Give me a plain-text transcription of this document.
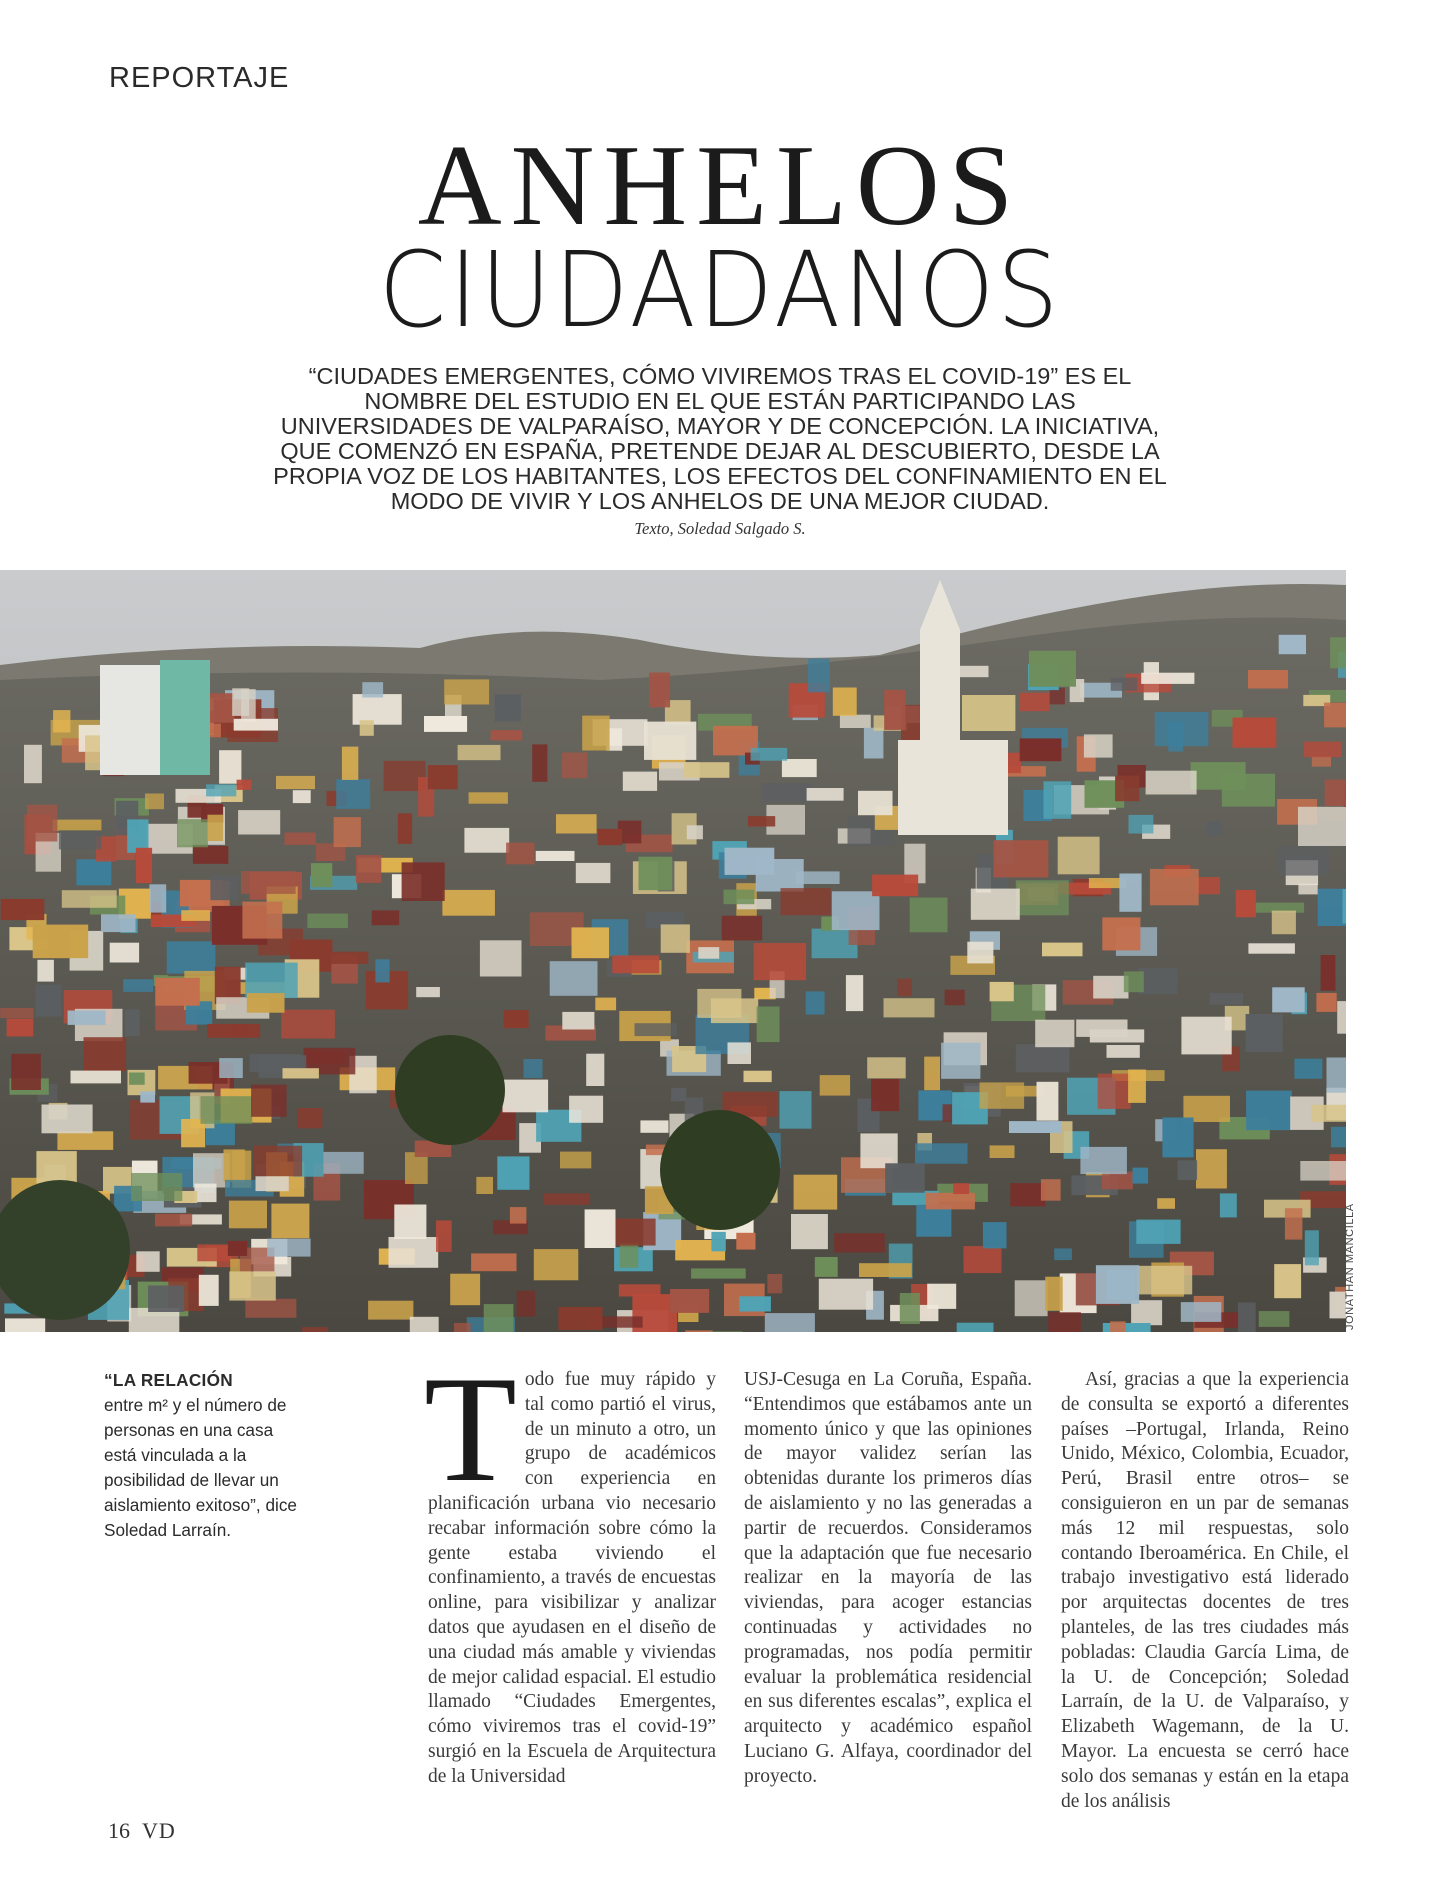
REPORTAJE
ANHELOS
CIUDADANOS
“CIUDADES EMERGENTES, CÓMO VIVIREMOS TRAS EL COVID-19” ES EL NOMBRE DEL ESTUDIO EN EL QUE ESTÁN PARTICIPANDO LAS UNIVERSIDADES DE VALPARAÍSO, MAYOR Y DE CONCEPCIÓN. LA INICIATIVA, QUE COMENZÓ EN ESPAÑA, PRETENDE DEJAR AL DESCUBIERTO, DESDE LA PROPIA VOZ DE LOS HABITANTES, LOS EFECTOS DEL CONFINAMIENTO EN EL MODO DE VIVIR Y LOS ANHELOS DE UNA MEJOR CIUDAD.
Texto, Soledad Salgado S.
JONATHAN MANCILLA
“LA RELACIÓN
entre m² y el número de personas en una casa está vinculada a la posibilidad de llevar un aislamiento exitoso”, dice Soledad Larraín.
T odo fue muy rápido y tal como partió el virus, de un minuto a otro, un grupo de académicos con experiencia en planificación urbana vio necesario recabar información sobre cómo la gente estaba viviendo el confinamiento, a través de encuestas online, para visibilizar y analizar datos que ayudasen en el diseño de una ciudad más amable y viviendas de mejor calidad espacial. El estudio llamado “Ciudades Emergentes, cómo viviremos tras el covid-19” surgió en la Escuela de Arquitectura de la Universidad

USJ-Cesuga en La Coruña, España. “Entendimos que estábamos ante un momento único y que las opiniones de mayor validez serían las obtenidas durante los primeros días de aislamiento y no las generadas a partir de recuerdos. Consideramos que la adaptación que fue necesario realizar en la mayoría de las viviendas, para acoger estancias continuadas y actividades no programadas, nos podía permitir evaluar la problemática residencial en sus diferentes escalas”, explica el arquitecto y académico español Luciano G. Alfaya, coordinador del proyecto.

Así, gracias a que la experiencia de consulta se exportó a diferentes países –Portugal, Irlanda, Reino Unido, México, Colombia, Ecuador, Perú, Brasil entre otros– se consiguieron en un par de semanas más 12 mil respuestas, solo contando Iberoamérica. En Chile, el trabajo investigativo está liderado por arquitectas docentes de tres planteles, de las tres ciudades más pobladas: Claudia García Lima, de la U. de Concepción; Soledad Larraín, de la U. de Valparaíso, y Elizabeth Wagemann, de la U. Mayor. La encuesta se cerró hace solo dos semanas y están en la etapa de los análisis

16 VD
